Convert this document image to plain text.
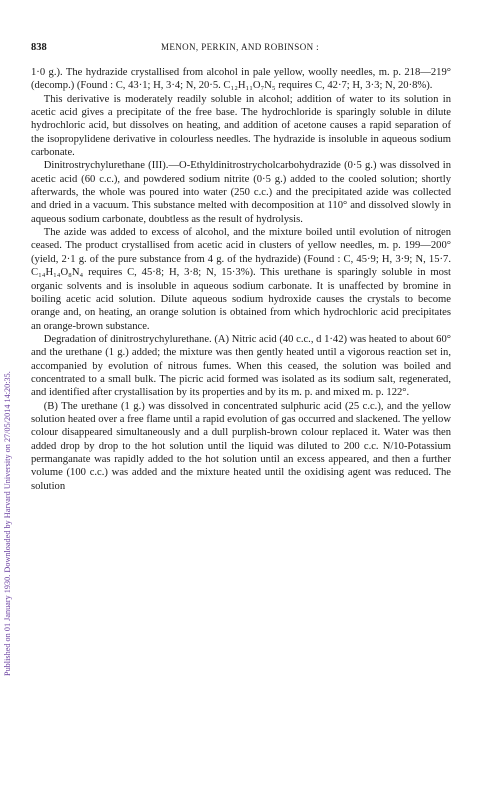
Published on 01 January 1930. Downloaded by Harvard University on 27/05/2014 14:20:35.
838	MENON, PERKIN, AND ROBINSON :

1·0 g.). The hydrazide crystallised from alcohol in pale yellow, woolly needles, m. p. 218—219° (decomp.) (Found : C, 43·1; H, 3·4; N, 20·5. C₁₂H₁₁O₇N₅ requires C, 42·7; H, 3·3; N, 20·8%).

This derivative is moderately readily soluble in alcohol; addition of water to its solution in acetic acid gives a precipitate of the free base. The hydrochloride is sparingly soluble in dilute hydrochloric acid, but dissolves on heating, and addition of acetone causes a rapid separation of the isopropylidene derivative in colourless needles. The hydrazide is insoluble in aqueous sodium carbonate.

Dinitrostrychylurethane (III).—O-Ethyldinitrostrycholcarbohydrazide (0·5 g.) was dissolved in acetic acid (60 c.c.), and powdered sodium nitrite (0·5 g.) added to the cooled solution; shortly afterwards, the whole was poured into water (250 c.c.) and the precipitated azide was collected and dried in a vacuum. This substance melted with decomposition at 110° and dissolved slowly in aqueous sodium carbonate, doubtless as the result of hydrolysis.

The azide was added to excess of alcohol, and the mixture boiled until evolution of nitrogen ceased. The product crystallised from acetic acid in clusters of yellow needles, m. p. 199—200° (yield, 2·1 g. of the pure substance from 4 g. of the hydrazide) (Found : C, 45·9; H, 3·9; N, 15·7. C₁₄H₁₄O₈N₄ requires C, 45·8; H, 3·8; N, 15·3%). This urethane is sparingly soluble in most organic solvents and is insoluble in aqueous sodium carbonate. It is unaffected by bromine in boiling acetic acid solution. Dilute aqueous sodium hydroxide causes the crystals to become orange and, on heating, an orange solution is obtained from which hydrochloric acid precipitates an orange-brown substance.

Degradation of dinitrostrychylurethane. (A) Nitric acid (40 c.c., d 1·42) was heated to about 60° and the urethane (1 g.) added; the mixture was then gently heated until a vigorous reaction set in, accompanied by evolution of nitrous fumes. When this ceased, the solution was boiled and concentrated to a small bulk. The picric acid formed was isolated as its sodium salt, regenerated, and identified after crystallisation by its properties and by its m. p. and mixed m. p. 122°.

(B) The urethane (1 g.) was dissolved in concentrated sulphuric acid (25 c.c.), and the yellow solution heated over a free flame until a rapid evolution of gas occurred and slackened. The yellow colour disappeared simultaneously and a dull purplish-brown colour replaced it. Water was then added drop by drop to the hot solution until the liquid was diluted to 200 c.c. N/10-Potassium permanganate was rapidly added to the hot solution until an excess appeared, and then a further volume (100 c.c.) was added and the mixture heated until the oxidising agent was reduced. The solution
